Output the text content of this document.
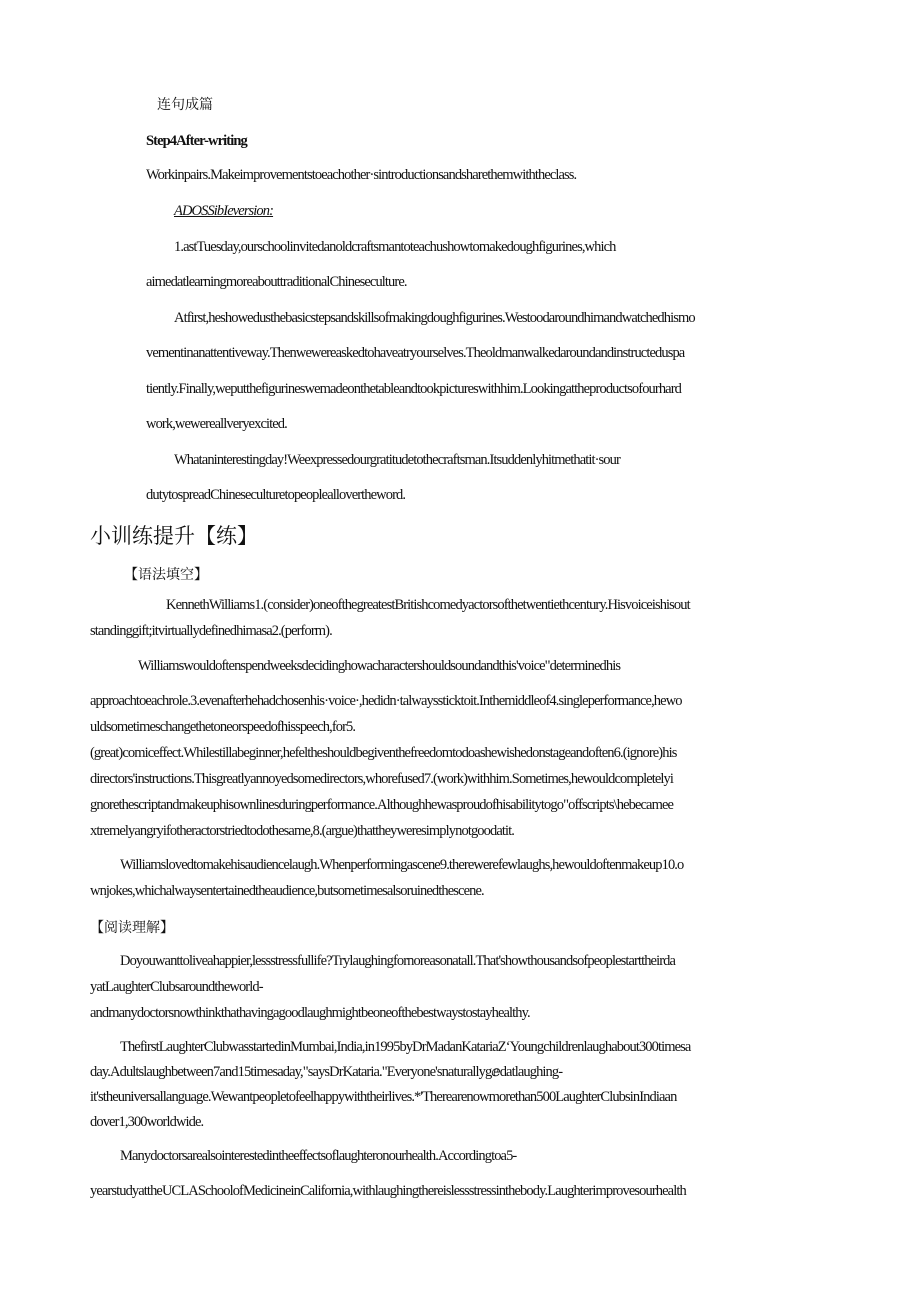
连句成篇

Step4After-writing

Workinpairs.Makeimprovementstoeachother·sintroductionsandsharethemwiththeclass.

ADOSSibIeversion:

1.astTuesday,ourschoolinvitedanoldcraftsmantoteachushowtomakedoughfigurines,which

aimedatlearningmoreabouttraditionalChineseculture.

Atfirst,heshowedusthebasicstepsandskillsofmakingdoughfigurines.Westoodaroundhimandwatchedhismo

vementinanattentiveway.Thenwewereaskedtohaveatryourselves.Theoldmanwalkedaroundandinstructeduspa

tiently.Finally,weputthefigurineswemadeonthetableandtookpictureswithhim.Lookingattheproductsofourhard

work,wewereallveryexcited.

Whataninterestingday!Weexpressedourgratitudetothecraftsman.Itsuddenlyhitmethatit·sour

dutytospreadChineseculturetopeopleallovertheword.

小训练提升【练】

【语法填空】

KennethWilliams1.(consider)oneofthegreatestBritishcomedyactorsofthetwentiethcentury.Hisvoiceishisout

standinggift;itvirtuallydefinedhimasa2.(perform).

Williamswouldoftenspendweeksdecidinghowacharactershouldsoundandthis'voice"determinedhis

approachtoeachrole.3.evenafterhehadchosenhis·voice·,hedidn·talwayssticktoit.Inthemiddleof4.singleperformance,hewo

uldsometimeschangethetoneorspeedofhisspeech,for5.

(great)comiceffect.Whilestillabeginner,hefeltheshouldbegiventhefreedomtodoashewishedonstageandoften6.(ignore)his

directors'instructions.Thisgreatlyannoyedsomedirectors,whorefused7.(work)withhim.Sometimes,hewouldcompletelyi

gnorethescriptandmakeuphisownlinesduringperformance.Althoughhewasproudofhisabilitytogo"offscripts\hebecamee

xtremelyangryifotheractorstriedtodothesame,8.(argue)thattheyweresimplynotgoodatit.

Williamslovedtomakehisaudiencelaugh.Whenperformingascene9.therewerefewlaughs,hewouldoftenmakeup10.o

wnjokes,whichalwaysentertainedtheaudience,butsometimesalsoruinedthescene.

【阅读理解】

Doyouwanttoliveahappier,lessstressfullife?Trylaughingfornoreasonatall.That'showthousandsofpeoplestarttheirda

yatLaughterClubsaroundtheworld-

andmanydoctorsnowthinkthathavingagoodlaughmightbeoneofthebestwaystostayhealthy.

ThefirstLaughterClubwasstartedinMumbai,India,in1995byDrMadanKatariaZ‘Youngchildrenlaughabout300timesa

day.Adultslaughbetween7and15timesaday,"saysDrKataria."Everyone'snaturallygⅇdatlaughing-

it'stheuniversallanguage.Wewantpeopletofeelhappywiththeirlives.*'Therearenowmorethan500LaughterClubsinIndiaan

dover1,300worldwide.

Manydoctorsarealsointerestedintheeffectsoflaughteronourhealth.Accordingtoa5-

yearstudyattheUCLASchoolofMedicineinCalifornia,withlaughingthereislessstressinthebody.Laughterimprovesourhealth
